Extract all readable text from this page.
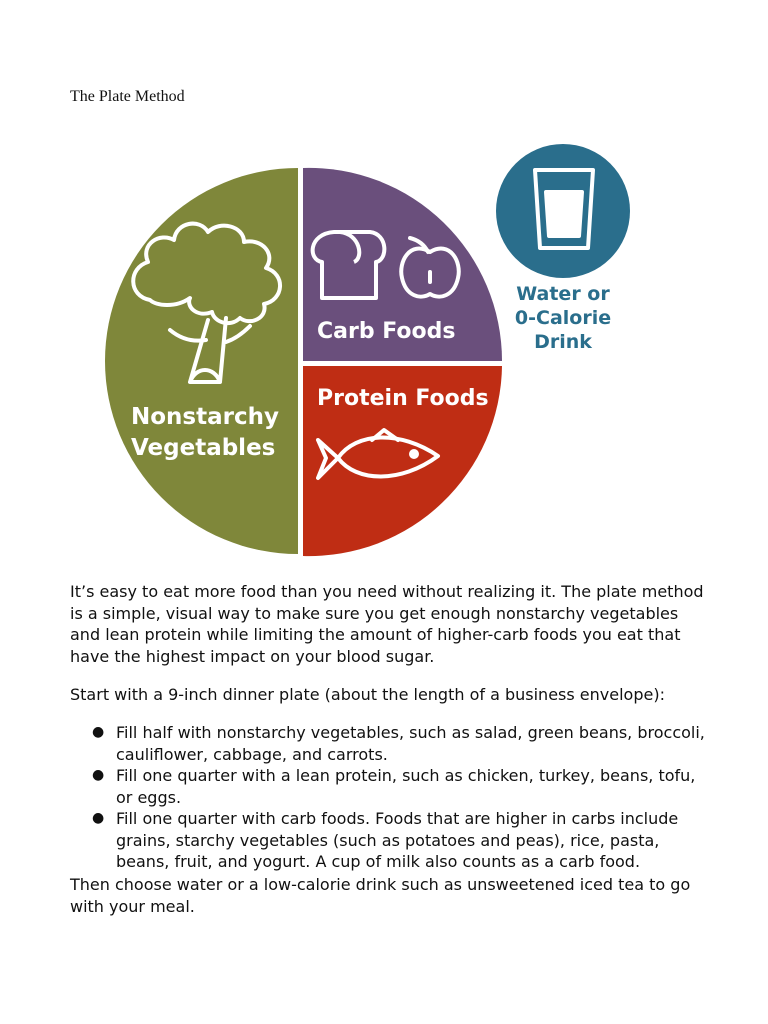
The Plate Method
Nonstarchy
Vegetables
Carb Foods
Protein Foods
Water or
0-Calorie
Drink
It’s easy to eat more food than you need without realizing it. The plate method is a simple, visual way to make sure you get enough nonstarchy vegetables and lean protein while limiting the amount of higher-carb foods you eat that have the highest impact on your blood sugar.
Start with a 9-inch dinner plate (about the length of a business envelope):
● Fill half with nonstarchy vegetables, such as salad, green beans, broccoli, cauliflower, cabbage, and carrots.
● Fill one quarter with a lean protein, such as chicken, turkey, beans, tofu, or eggs.
● Fill one quarter with carb foods. Foods that are higher in carbs include grains, starchy vegetables (such as potatoes and peas), rice, pasta, beans, fruit, and yogurt. A cup of milk also counts as a carb food.
Then choose water or a low-calorie drink such as unsweetened iced tea to go with your meal.
